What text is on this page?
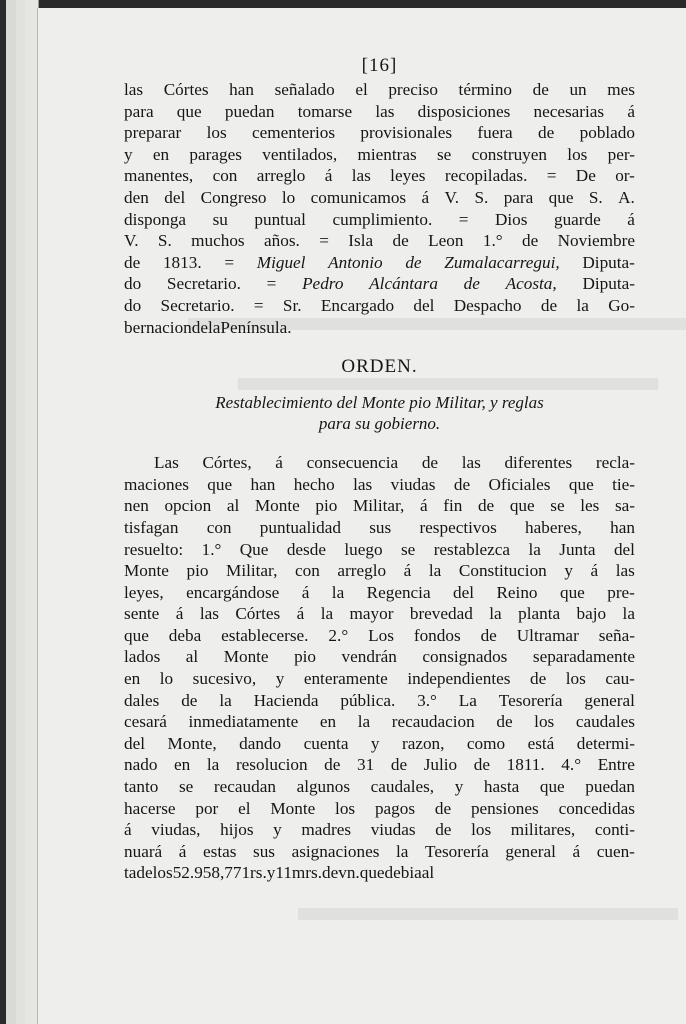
[16]
las Córtes han señalado el preciso término de un mes
para que puedan tomarse las disposiciones necesarias á
preparar los cementerios provisionales fuera de poblado
y en parages ventilados, mientras se construyen los per-
manentes, con arreglo á las leyes recopiladas. = De or-
den del Congreso lo comunicamos á V. S. para que S. A.
disponga su puntual cumplimiento. = Dios guarde á
V. S. muchos años. = Isla de Leon 1.° de Noviembre
de 1813. = Miguel Antonio de Zumalacarregui, Diputa-
do Secretario. = Pedro Alcántara de Acosta, Diputa-
do Secretario. = Sr. Encargado del Despacho de la Go-
bernacion de la Península.
ORDEN.
Restablecimiento del Monte pio Militar, y reglas
para su gobierno.
Las Córtes, á consecuencia de las diferentes recla-
maciones que han hecho las viudas de Oficiales que tie-
nen opcion al Monte pio Militar, á fin de que se les sa-
tisfagan con puntualidad sus respectivos haberes, han
resuelto: 1.° Que desde luego se restablezca la Junta del
Monte pio Militar, con arreglo á la Constitucion y á las
leyes, encargándose á la Regencia del Reino que pre-
sente á las Córtes á la mayor brevedad la planta bajo la
que deba establecerse. 2.° Los fondos de Ultramar seña-
lados al Monte pio vendrán consignados separadamente
en lo sucesivo, y enteramente independientes de los cau-
dales de la Hacienda pública. 3.° La Tesorería general
cesará inmediatamente en la recaudacion de los caudales
del Monte, dando cuenta y razon, como está determi-
nado en la resolucion de 31 de Julio de 1811. 4.° Entre
tanto se recaudan algunos caudales, y hasta que puedan
hacerse por el Monte los pagos de pensiones concedidas
á viudas, hijos y madres viudas de los militares, conti-
nuará á estas sus asignaciones la Tesorería general á cuen-
ta de los 52.958,771 rs. y 11 mrs. de vn. que debia al
